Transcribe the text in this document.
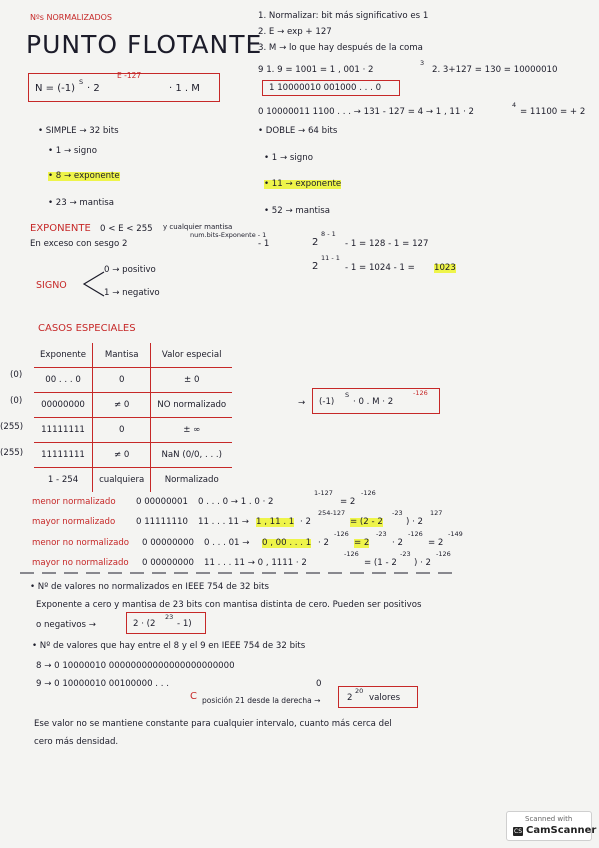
Nºs NORMALIZADOS
PUNTO FLOTANTE
N = (-1)
S
· 2
E -127
· 1 . M
1. Normalizar: bit más significativo es 1
2. E → exp + 127
3. M → lo que hay después de la coma
9 1. 9 = 1001 = 1 , 001 · 2
3
2. 3+127 = 130 = 10000010
1 10000010 001000 . . . 0
0 10000011 1100 . . . → 131 - 127 = 4 → 1 , 11 · 2
4
= 11100 = + 2
• SIMPLE → 32 bits
• 1 → signo
• 8 → exponente
• 23 → mantisa
• DOBLE → 64 bits
• 1 → signo
• 11 → exponente
• 52 → mantisa
EXPONENTE 0 < E < 255 y cualquier mantisa
En exceso con sesgo 2
num.bits-Exponente - 1
- 1	2
8 - 1
- 1 = 128 - 1 = 127
2
11 - 1
- 1 = 1024 - 1 = 1023
SIGNO
0 → positivo
1 → negativo
CASOS ESPECIALES
(0)
(0)
(255)
(255)
Exponente	Mantisa	Valor especial
00 . . . 0	0	± 0
00000000	≠ 0	NO normalizado
11111111	0	± ∞
11111111	≠ 0	NaN (0/0, . . .)
1 - 254	cualquiera	Normalizado
→ (-1)
S
· 0 . M · 2
-126
menor normalizado 0 00000001 0 . . . 0 → 1 . 0 · 2
1-127
= 2
-126
mayor normalizado 0 11111110 11 . . . 11 → 1 , 11 . 1 · 2
254-127
= (2 - 2
-23
) · 2
127
menor no normalizado 0 00000000 0 . . . 01 → 0 , 00 . . . 1 · 2
-126
= 2
-23
· 2
-126
= 2
-149
mayor no normalizado 0 00000000 11 . . . 11 → 0 , 1111 · 2
-126
= (1 - 2
-23
) · 2
-126
• Nº de valores no normalizados en IEEE 754 de 32 bits
Exponente a cero y mantisa de 23 bits con mantisa distinta de cero. Pueden ser positivos
o negativos →	2 · (2
23
- 1)
• Nº de valores que hay entre el 8 y el 9 en IEEE 754 de 32 bits
8 → 0 10000010 00000000000000000000000
9 → 0 10000010 00100000 . . .	0
C posición 21 desde la derecha →	2
20
valores
Ese valor no se mantiene constante para cualquier intervalo, cuanto más cerca del
cero más densidad.
Scanned with
CS CamScanner
